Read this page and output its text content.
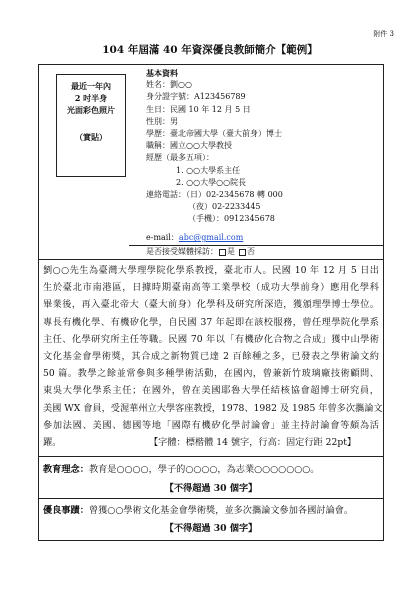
附件 3
104 年屆滿 40 年資深優良教師簡介【範例】
最近一年內
2 吋半身
光面彩色照片
（實貼）
基本資料
姓名：劉○○
身分證字號：A123456789
生日：民國 10 年 12 月 5 日
性別：男
學歷：臺北帝國大學（臺大前身）博士
職稱：國立○○大學教授
經歷（最多五項）：
1. ○○大學系主任
2. ○○大學○○院長
連絡電話：（日）02-2345678 轉 000
（夜）02-2233445
（手機）：0912345678
e-mail：abc@gmail.com
是否接受媒體採訪： 是 否
劉○○先生為臺灣大學理學院化學系教授，臺北市人。民國 10 年 12 月 5 日出
生於臺北市南港區，日據時期臺南高等工業學校（成功大學前身）應用化學科
畢業後，再入臺北帝大（臺大前身）化學科及研究所深造，獲頒理學博士學位。
專長有機化學、有機矽化學，自民國 37 年起即在該校服務，曾任理學院化學系
主任、化學研究所主任等職。民國 70 年以「有機矽化合物之合成」獲中山學術
文化基金會學術獎，其合成之新物質已達 2 百餘種之多，已發表之學術論文約
50 篇。教學之餘並常參與多種學術活動，在國內，曾兼新竹玻璃廠技術顧問、
東吳大學化學系主任；在國外，曾在美國耶魯大學任結核協會超博士研究員，
美國 WX 會員，受渥華州立大學客座教授，1978、1982 及 1985 年曾多次攜論文
參加法國、美國、德國等地「國際有機矽化學討論會」並主持討論會等頗為活
躍。	【字體：標楷體 14 號字，行高：固定行距 22pt】
教育理念：教育是○○○○，學子的○○○○，為志業○○○○○○○。
【不得超過 30 個字】
優良事蹟：曾獲○○學術文化基金會學術獎，並多次攜論文參加各國討論會。
【不得超過 30 個字】
